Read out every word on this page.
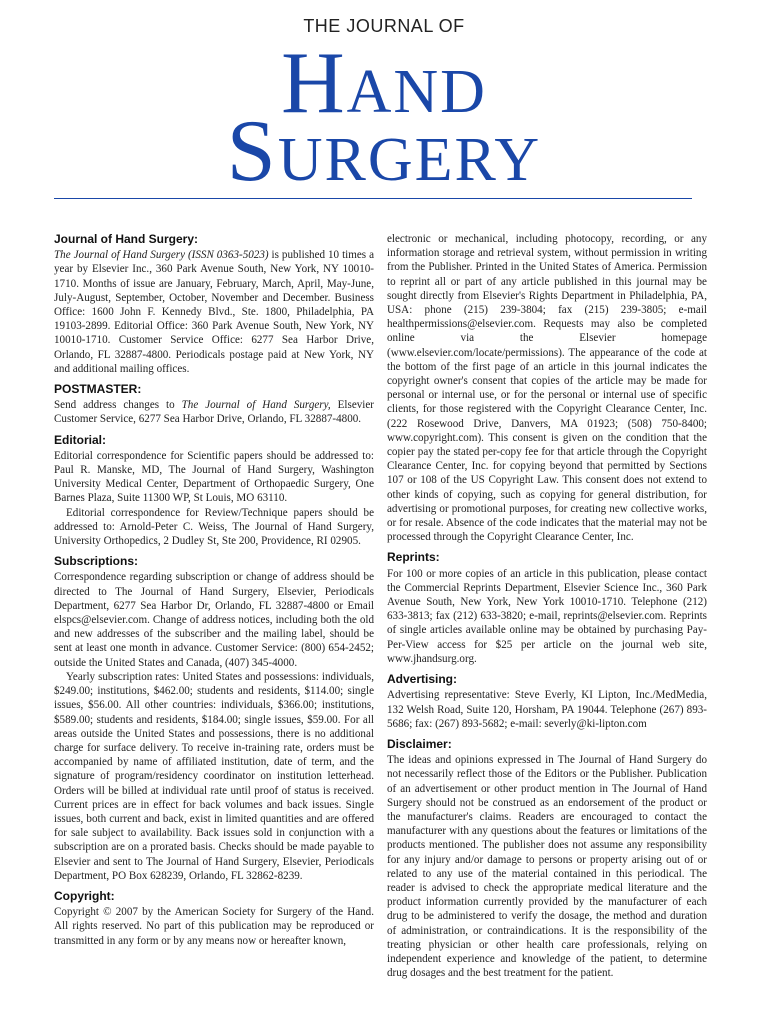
THE JOURNAL OF
Hand
Surgery
Journal of Hand Surgery:

The Journal of Hand Surgery (ISSN 0363-5023) is published 10 times a year by Elsevier Inc., 360 Park Avenue South, New York, NY 10010-1710. Months of issue are January, February, March, April, May-June, July-August, September, October, November and December. Business Office: 1600 John F. Kennedy Blvd., Ste. 1800, Philadelphia, PA 19103-2899. Editorial Office: 360 Park Avenue South, New York, NY 10010-1710. Customer Service Office: 6277 Sea Harbor Drive, Orlando, FL 32887-4800. Periodicals postage paid at New York, NY and additional mailing offices.

POSTMASTER:

Send address changes to The Journal of Hand Surgery, Elsevier Customer Service, 6277 Sea Harbor Drive, Orlando, FL 32887-4800.

Editorial:

Editorial correspondence for Scientific papers should be addressed to: Paul R. Manske, MD, The Journal of Hand Surgery, Washington University Medical Center, Department of Orthopaedic Surgery, One Barnes Plaza, Suite 11300 WP, St Louis, MO 63110.

Editorial correspondence for Review/Technique papers should be addressed to: Arnold-Peter C. Weiss, The Journal of Hand Surgery, University Orthopedics, 2 Dudley St, Ste 200, Providence, RI 02905.

Subscriptions:

Correspondence regarding subscription or change of address should be directed to The Journal of Hand Surgery, Elsevier, Periodicals Department, 6277 Sea Harbor Dr, Orlando, FL 32887-4800 or Email elspcs@elsevier.com. Change of address notices, including both the old and new addresses of the subscriber and the mailing label, should be sent at least one month in advance. Customer Service: (800) 654-2452; outside the United States and Canada, (407) 345-4000.

Yearly subscription rates: United States and possessions: individuals, $249.00; institutions, $462.00; students and residents, $114.00; single issues, $56.00. All other countries: individuals, $366.00; institutions, $589.00; students and residents, $184.00; single issues, $59.00. For all areas outside the United States and possessions, there is no additional charge for surface delivery. To receive in-training rate, orders must be accompanied by name of affiliated institution, date of term, and the signature of program/residency coordinator on institution letterhead. Orders will be billed at individual rate until proof of status is received. Current prices are in effect for back volumes and back issues. Single issues, both current and back, exist in limited quantities and are offered for sale subject to availability. Back issues sold in conjunction with a subscription are on a prorated basis. Checks should be made payable to Elsevier and sent to The Journal of Hand Surgery, Elsevier, Periodicals Department, PO Box 628239, Orlando, FL 32862-8239.

Copyright:

Copyright © 2007 by the American Society for Surgery of the Hand. All rights reserved. No part of this publication may be reproduced or transmitted in any form or by any means now or hereafter known,

electronic or mechanical, including photocopy, recording, or any information storage and retrieval system, without permission in writing from the Publisher. Printed in the United States of America. Permission to reprint all or part of any article published in this journal may be sought directly from Elsevier's Rights Department in Philadelphia, PA, USA: phone (215) 239-3804; fax (215) 239-3805; e-mail healthpermissions@elsevier.com. Requests may also be completed online via the Elsevier homepage (www.elsevier.com/locate/permissions). The appearance of the code at the bottom of the first page of an article in this journal indicates the copyright owner's consent that copies of the article may be made for personal or internal use, or for the personal or internal use of specific clients, for those registered with the Copyright Clearance Center, Inc. (222 Rosewood Drive, Danvers, MA 01923; (508) 750-8400; www.copyright.com). This consent is given on the condition that the copier pay the stated per-copy fee for that article through the Copyright Clearance Center, Inc. for copying beyond that permitted by Sections 107 or 108 of the US Copyright Law. This consent does not extend to other kinds of copying, such as copying for general distribution, for advertising or promotional purposes, for creating new collective works, or for resale. Absence of the code indicates that the material may not be processed through the Copyright Clearance Center, Inc.

Reprints:

For 100 or more copies of an article in this publication, please contact the Commercial Reprints Department, Elsevier Science Inc., 360 Park Avenue South, New York, New York 10010-1710. Telephone (212) 633-3813; fax (212) 633-3820; e-mail, reprints@elsevier.com. Reprints of single articles available online may be obtained by purchasing Pay-Per-View access for $25 per article on the journal web site, www.jhandsurg.org.

Advertising:

Advertising representative: Steve Everly, KI Lipton, Inc./MedMedia, 132 Welsh Road, Suite 120, Horsham, PA 19044. Telephone (267) 893-5686; fax: (267) 893-5682; e-mail: severly@ki-lipton.com

Disclaimer:

The ideas and opinions expressed in The Journal of Hand Surgery do not necessarily reflect those of the Editors or the Publisher. Publication of an advertisement or other product mention in The Journal of Hand Surgery should not be construed as an endorsement of the product or the manufacturer's claims. Readers are encouraged to contact the manufacturer with any questions about the features or limitations of the products mentioned. The publisher does not assume any responsibility for any injury and/or damage to persons or property arising out of or related to any use of the material contained in this periodical. The reader is advised to check the appropriate medical literature and the product information currently provided by the manufacturer of each drug to be administered to verify the dosage, the method and duration of administration, or contraindications. It is the responsibility of the treating physician or other health care professionals, relying on independent experience and knowledge of the patient, to determine drug dosages and the best treatment for the patient.
